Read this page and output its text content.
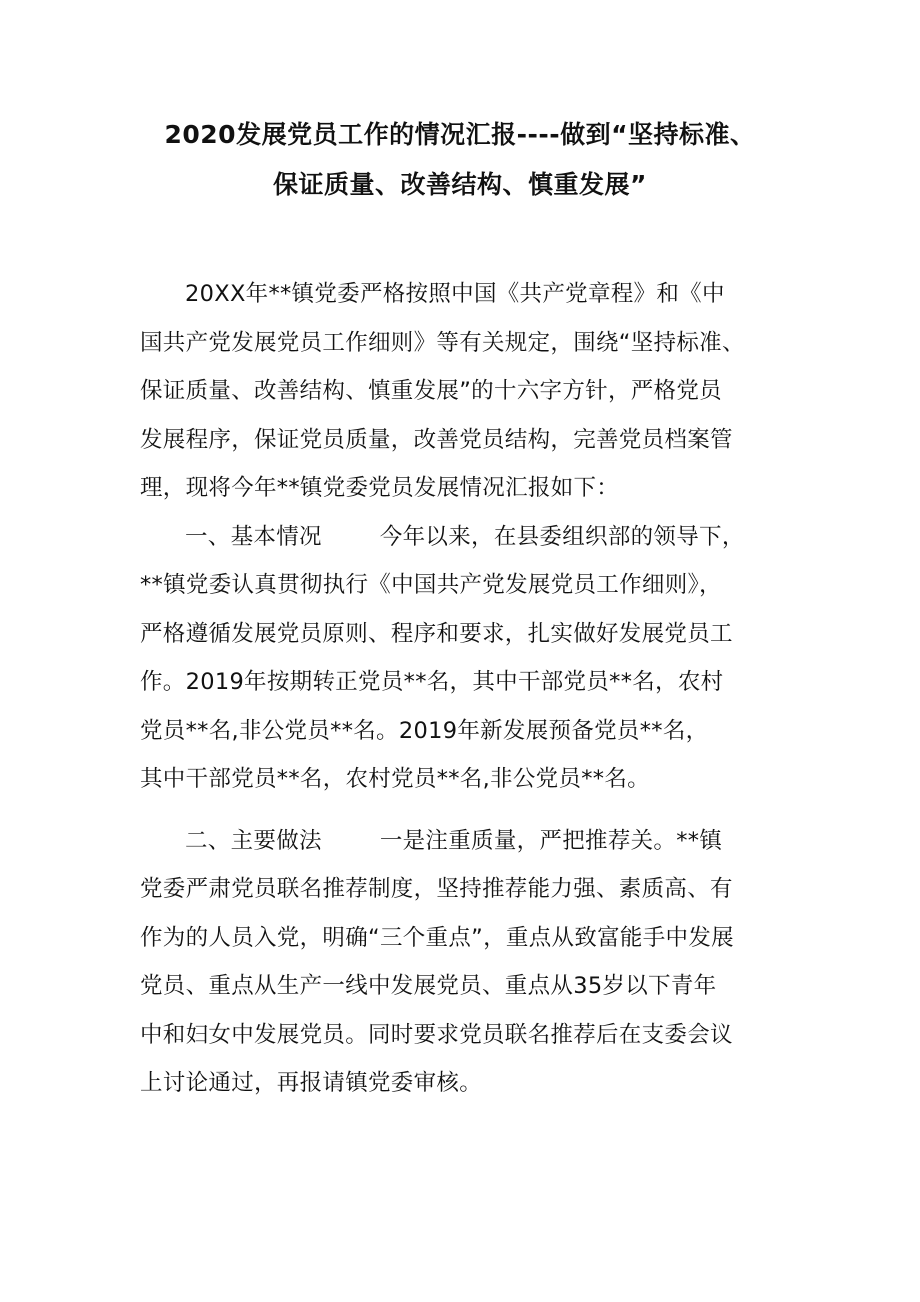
2020发展党员工作的情况汇报----做到“坚持标准、
保证质量、改善结构、慎重发展”
20XX年**镇党委严格按照中国《共产党章程》和《中
国共产党发展党员工作细则》等有关规定，围绕“坚持标准、
保证质量、改善结构、慎重发展”的十六字方针，严格党员
发展程序，保证党员质量，改善党员结构，完善党员档案管
理，现将今年**镇党委党员发展情况汇报如下：
一、基本情况	今年以来，在县委组织部的领导下，
**镇党委认真贯彻执行《中国共产党发展党员工作细则》，
严格遵循发展党员原则、程序和要求，扎实做好发展党员工
作。2019年按期转正党员**名，其中干部党员**名，农村
党员**名,非公党员**名。2019年新发展预备党员**名，
其中干部党员**名，农村党员**名,非公党员**名。
二、主要做法	一是注重质量，严把推荐关。**镇
党委严肃党员联名推荐制度，坚持推荐能力强、素质高、有
作为的人员入党，明确“三个重点”，重点从致富能手中发展
党员、重点从生产一线中发展党员、重点从35岁以下青年
中和妇女中发展党员。同时要求党员联名推荐后在支委会议
上讨论通过，再报请镇党委审核。
